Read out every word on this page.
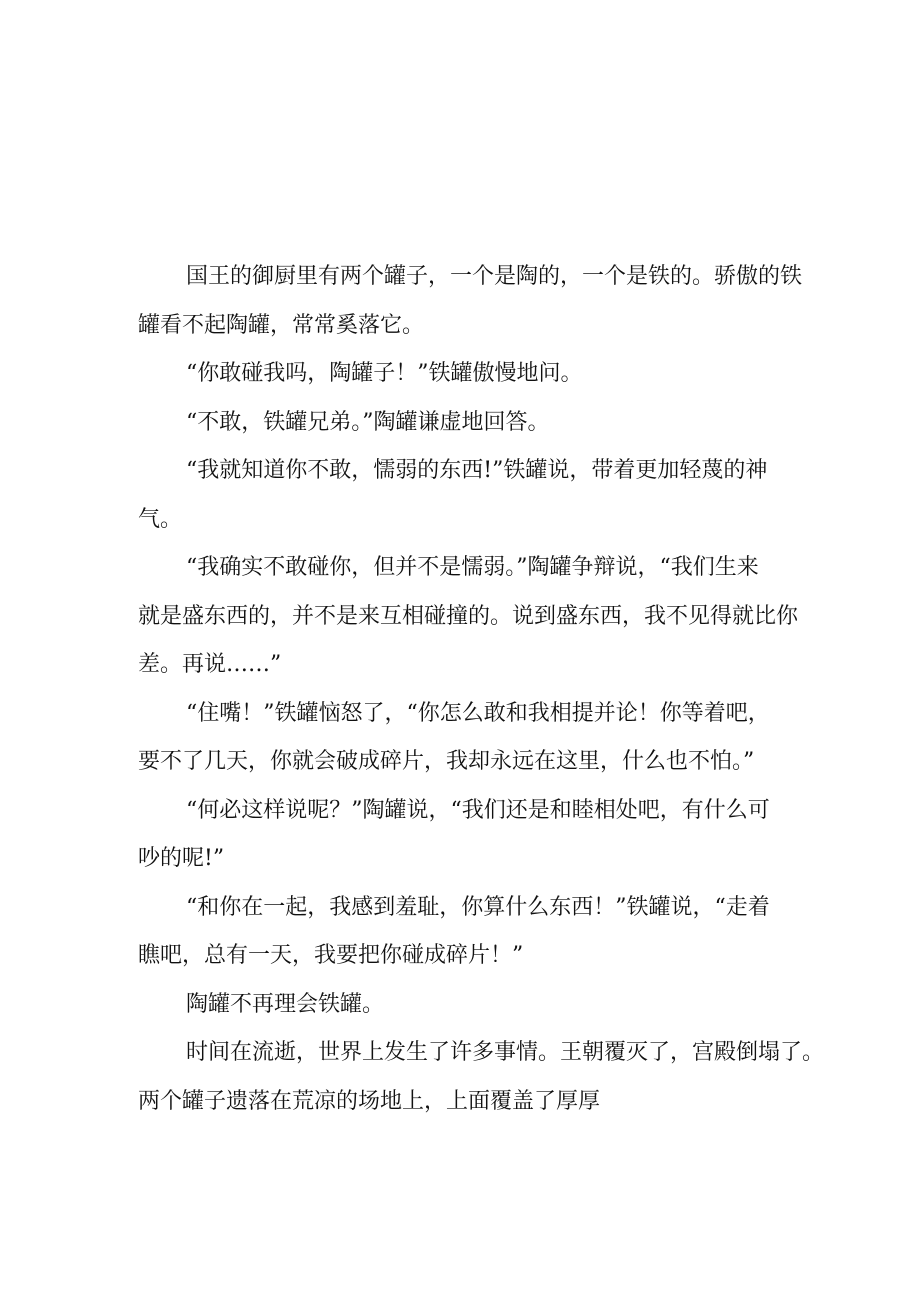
国王的御厨里有两个罐子，一个是陶的，一个是铁的。骄傲的铁
罐看不起陶罐，常常奚落它。
“你敢碰我吗，陶罐子！”铁罐傲慢地问。
“不敢，铁罐兄弟。”陶罐谦虚地回答。
“我就知道你不敢，懦弱的东西!”铁罐说，带着更加轻蔑的神
气。
“我确实不敢碰你，但并不是懦弱。”陶罐争辩说，“我们生来
就是盛东西的，并不是来互相碰撞的。说到盛东西，我不见得就比你
差。再说……”
“住嘴！”铁罐恼怒了，“你怎么敢和我相提并论！你等着吧，
要不了几天，你就会破成碎片，我却永远在这里，什么也不怕。”
“何必这样说呢？”陶罐说，“我们还是和睦相处吧，有什么可
吵的呢!”
“和你在一起，我感到羞耻，你算什么东西！”铁罐说，“走着
瞧吧，总有一天，我要把你碰成碎片！”
陶罐不再理会铁罐。
时间在流逝，世界上发生了许多事情。王朝覆灭了，宫殿倒塌了。
两个罐子遗落在荒凉的场地上，上面覆盖了厚厚
